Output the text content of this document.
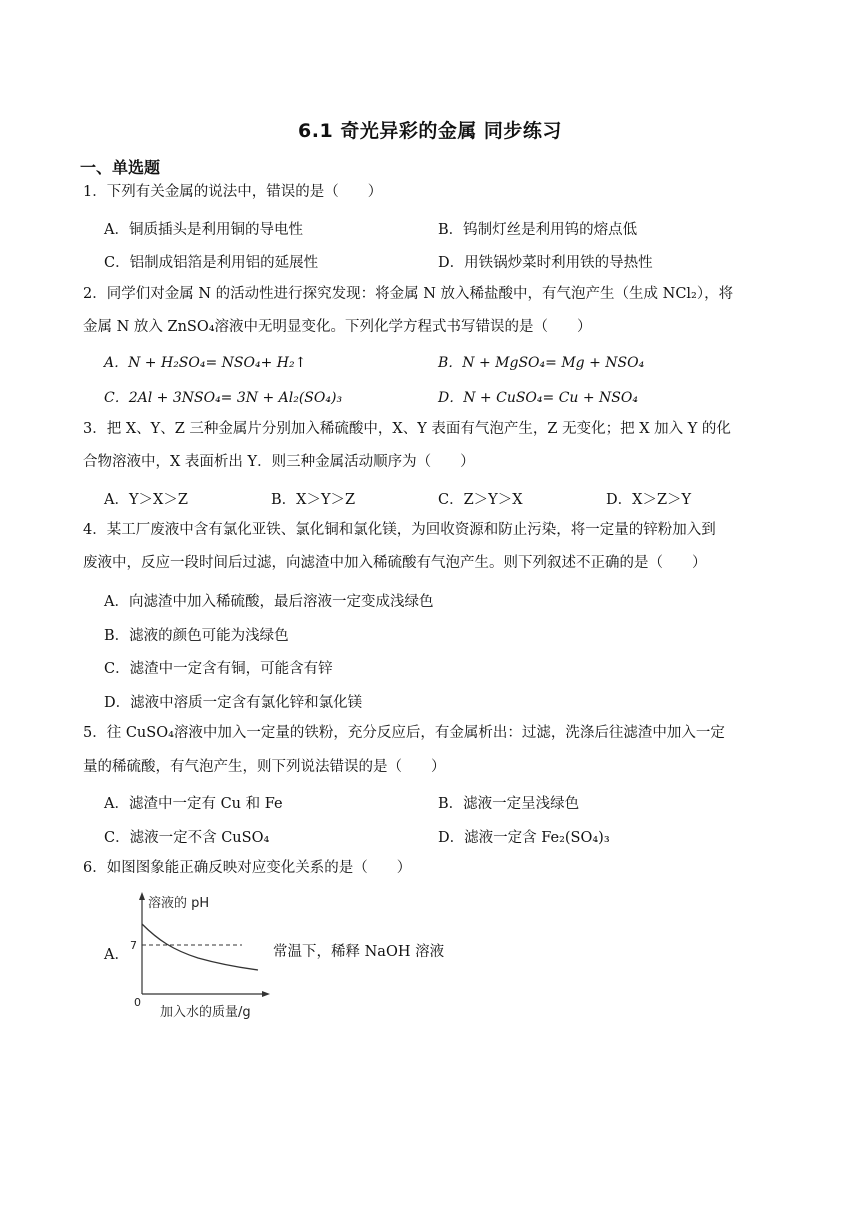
6.1 奇光异彩的金属 同步练习
一、单选题
1．下列有关金属的说法中，错误的是（　　）
A．铜质插头是利用铜的导电性	B．钨制灯丝是利用钨的熔点低
C．铝制成铝箔是利用铝的延展性	D．用铁锅炒菜时利用铁的导热性
2．同学们对金属 N 的活动性进行探究发现：将金属 N 放入稀盐酸中，有气泡产生（生成 NCl₂），将
金属 N 放入 ZnSO₄溶液中无明显变化。下列化学方程式书写错误的是（　　）
A．N + H₂SO₄= NSO₄+ H₂↑	B．N + MgSO₄= Mg + NSO₄
C．2Al + 3NSO₄= 3N + Al₂(SO₄)₃	D．N + CuSO₄= Cu + NSO₄
3．把 X、Y、Z 三种金属片分别加入稀硫酸中，X、Y 表面有气泡产生，Z 无变化；把 X 加入 Y 的化
合物溶液中，X 表面析出 Y．则三种金属活动顺序为（　　）
A．Y＞X＞Z	B．X＞Y＞Z	C．Z＞Y＞X	D．X＞Z＞Y
4．某工厂废液中含有氯化亚铁、氯化铜和氯化镁，为回收资源和防止污染，将一定量的锌粉加入到
废液中，反应一段时间后过滤，向滤渣中加入稀硫酸有气泡产生。则下列叙述不正确的是（　　）
A．向滤渣中加入稀硫酸，最后溶液一定变成浅绿色
B．滤液的颜色可能为浅绿色
C．滤渣中一定含有铜，可能含有锌
D．滤液中溶质一定含有氯化锌和氯化镁
5．往 CuSO₄溶液中加入一定量的铁粉，充分反应后，有金属析出：过滤，洗涤后往滤渣中加入一定
量的稀硫酸，有气泡产生，则下列说法错误的是（　　）
A．滤渣中一定有 Cu 和 Fe	B．滤液一定呈浅绿色
C．滤液一定不含 CuSO₄	D．滤液一定含 Fe₂(SO₄)₃
6．如图图象能正确反映对应变化关系的是（　　）
A．
溶液的 pH
7
0
加入水的质量/g
常温下，稀释 NaOH 溶液
